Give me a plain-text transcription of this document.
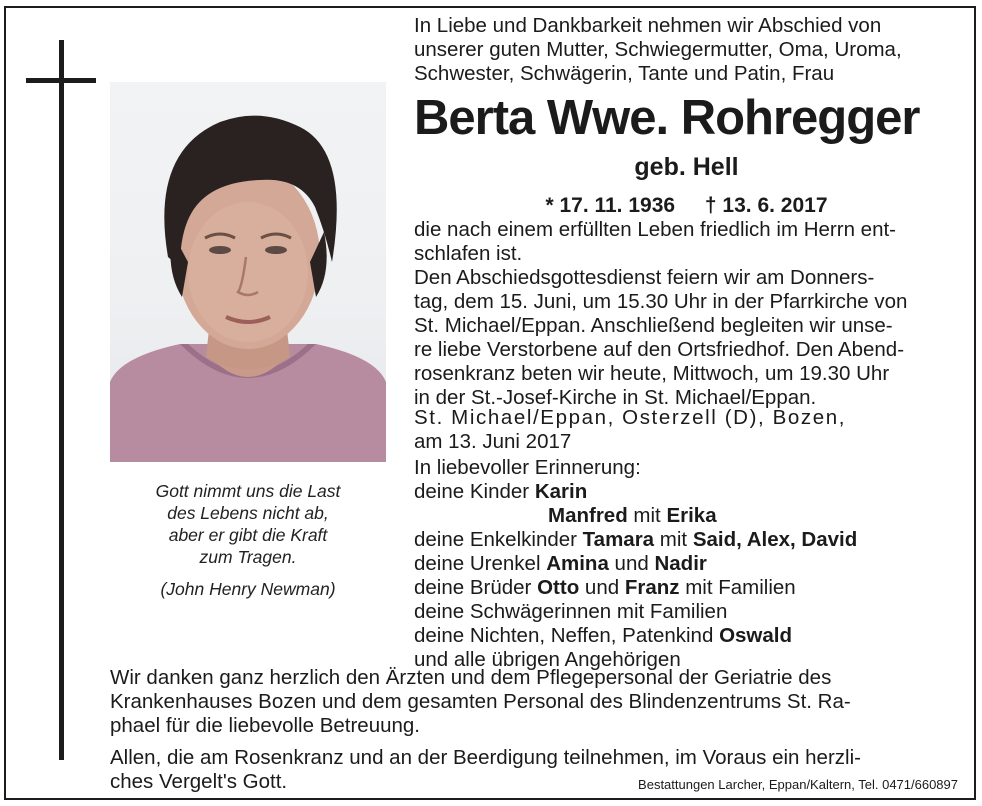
Gott nimmt uns die Last
des Lebens nicht ab,
aber er gibt die Kraft
zum Tragen.
(John Henry Newman)
In Liebe und Dankbarkeit nehmen wir Abschied von
unserer guten Mutter, Schwiegermutter, Oma, Uroma,
Schwester, Schwägerin, Tante und Patin, Frau
Berta Wwe. Rohregger
geb. Hell
* 17. 11. 1936 † 13. 6. 2017
die nach einem erfüllten Leben friedlich im Herrn ent-
schlafen ist.
Den Abschiedsgottesdienst feiern wir am Donners-
tag, dem 15. Juni, um 15.30 Uhr in der Pfarrkirche von
St. Michael/Eppan. Anschließend begleiten wir unse-
re liebe Verstorbene auf den Ortsfriedhof. Den Abend-
rosenkranz beten wir heute, Mittwoch, um 19.30 Uhr
in der St.-Josef-Kirche in St. Michael/Eppan.
St. Michael/Eppan, Osterzell (D), Bozen,
am 13. Juni 2017
In liebevoller Erinnerung:
deine Kinder Karin
Manfred mit Erika
deine Enkelkinder Tamara mit Said, Alex, David
deine Urenkel Amina und Nadir
deine Brüder Otto und Franz mit Familien
deine Schwägerinnen mit Familien
deine Nichten, Neffen, Patenkind Oswald
und alle übrigen Angehörigen
Wir danken ganz herzlich den Ärzten und dem Pflegepersonal der Geriatrie des
Krankenhauses Bozen und dem gesamten Personal des Blindenzentrums St. Ra-
phael für die liebevolle Betreuung.
Allen, die am Rosenkranz und an der Beerdigung teilnehmen, im Voraus ein herzli-
ches Vergelt's Gott.	Bestattungen Larcher, Eppan/Kaltern, Tel. 0471/660897
